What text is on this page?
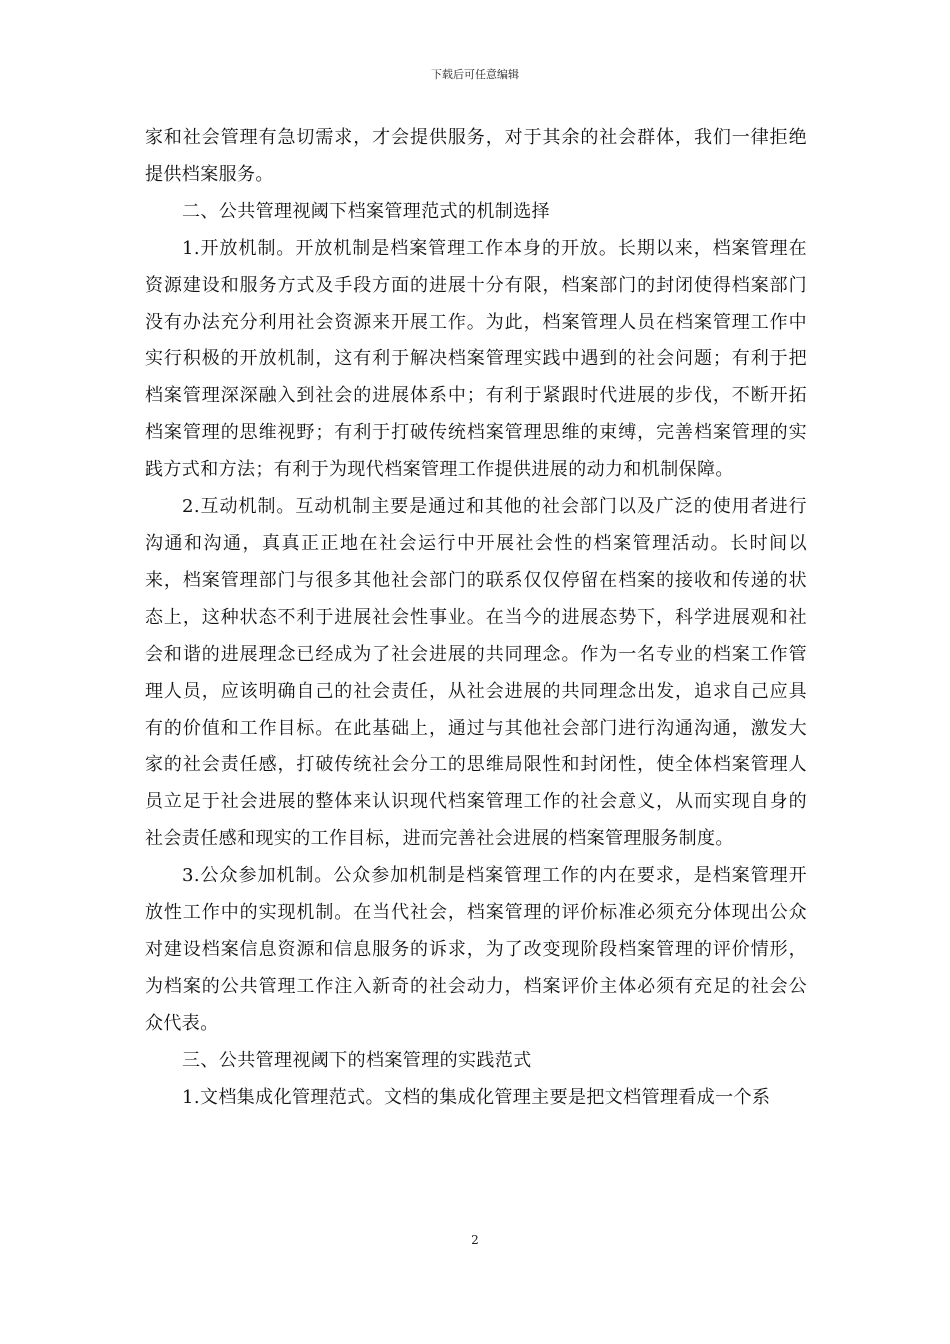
下载后可任意编辑

家和社会管理有急切需求，才会提供服务，对于其余的社会群体，我们一律拒绝提供档案服务。

二、公共管理视阈下档案管理范式的机制选择

1.开放机制。开放机制是档案管理工作本身的开放。长期以来，档案管理在资源建设和服务方式及手段方面的进展十分有限，档案部门的封闭使得档案部门没有办法充分利用社会资源来开展工作。为此，档案管理人员在档案管理工作中实行积极的开放机制，这有利于解决档案管理实践中遇到的社会问题；有利于把档案管理深深融入到社会的进展体系中；有利于紧跟时代进展的步伐，不断开拓档案管理的思维视野；有利于打破传统档案管理思维的束缚，完善档案管理的实践方式和方法；有利于为现代档案管理工作提供进展的动力和机制保障。

2.互动机制。互动机制主要是通过和其他的社会部门以及广泛的使用者进行沟通和沟通，真真正正地在社会运行中开展社会性的档案管理活动。长时间以来，档案管理部门与很多其他社会部门的联系仅仅停留在档案的接收和传递的状态上，这种状态不利于进展社会性事业。在当今的进展态势下，科学进展观和社会和谐的进展理念已经成为了社会进展的共同理念。作为一名专业的档案工作管理人员，应该明确自己的社会责任，从社会进展的共同理念出发，追求自己应具有的价值和工作目标。在此基础上，通过与其他社会部门进行沟通沟通，激发大家的社会责任感，打破传统社会分工的思维局限性和封闭性，使全体档案管理人员立足于社会进展的整体来认识现代档案管理工作的社会意义，从而实现自身的社会责任感和现实的工作目标，进而完善社会进展的档案管理服务制度。

3.公众参加机制。公众参加机制是档案管理工作的内在要求，是档案管理开放性工作中的实现机制。在当代社会，档案管理的评价标准必须充分体现出公众对建设档案信息资源和信息服务的诉求，为了改变现阶段档案管理的评价情形，为档案的公共管理工作注入新奇的社会动力，档案评价主体必须有充足的社会公众代表。

三、公共管理视阈下的档案管理的实践范式

1.文档集成化管理范式。文档的集成化管理主要是把文档管理看成一个系

2
